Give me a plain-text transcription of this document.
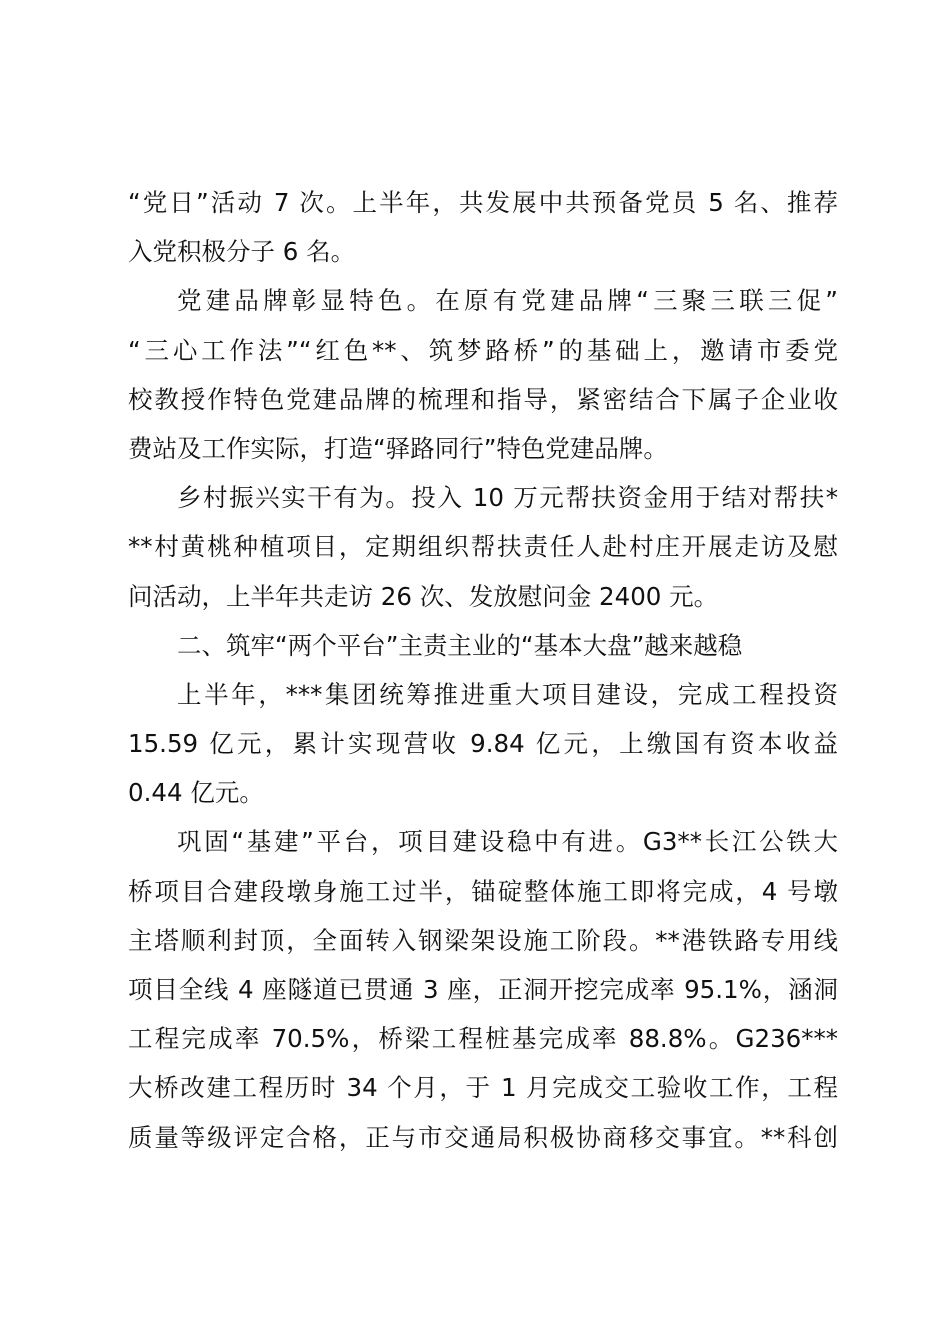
“党日”活动 7 次。上半年，共发展中共预备党员 5 名、推荐
入党积极分子 6 名。
党建品牌彰显特色。在原有党建品牌“三聚三联三促”
“三心工作法”“红色**、筑梦路桥”的基础上，邀请市委党
校教授作特色党建品牌的梳理和指导，紧密结合下属子企业收
费站及工作实际，打造“驿路同行”特色党建品牌。
乡村振兴实干有为。投入 10 万元帮扶资金用于结对帮扶*
**村黄桃种植项目，定期组织帮扶责任人赴村庄开展走访及慰
问活动，上半年共走访 26 次、发放慰问金 2400 元。
二、筑牢“两个平台”主责主业的“基本大盘”越来越稳
上半年，***集团统筹推进重大项目建设，完成工程投资
15.59 亿元，累计实现营收 9.84 亿元，上缴国有资本收益
0.44 亿元。
巩固“基建”平台，项目建设稳中有进。G3**长江公铁大
桥项目合建段墩身施工过半，锚碇整体施工即将完成，4 号墩
主塔顺利封顶，全面转入钢梁架设施工阶段。**港铁路专用线
项目全线 4 座隧道已贯通 3 座，正洞开挖完成率 95.1%，涵洞
工程完成率 70.5%，桥梁工程桩基完成率 88.8%。G236***
大桥改建工程历时 34 个月，于 1 月完成交工验收工作，工程
质量等级评定合格，正与市交通局积极协商移交事宜。**科创
